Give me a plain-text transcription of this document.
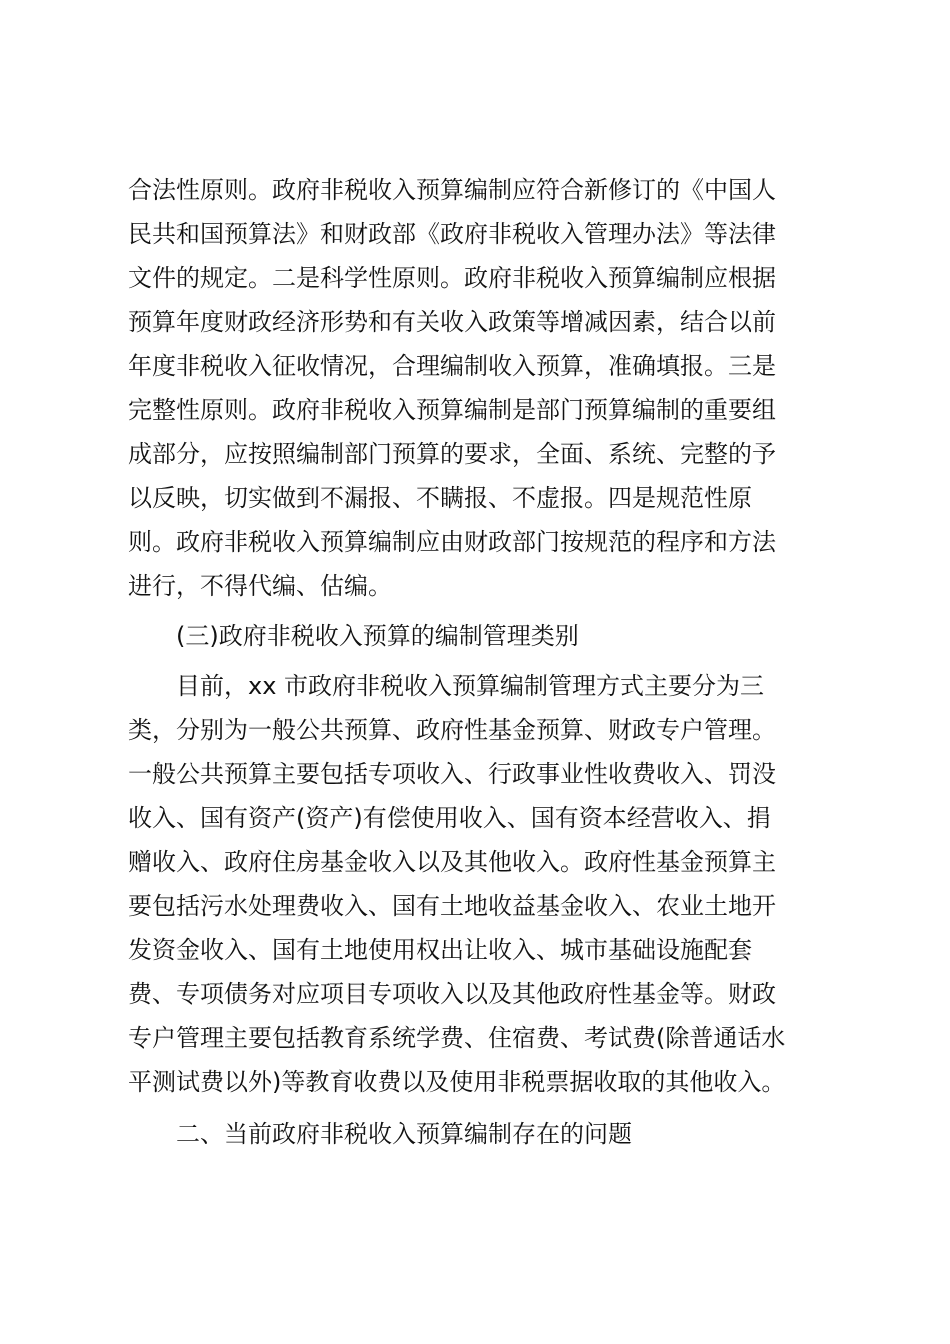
合法性原则。政府非税收入预算编制应符合新修订的《中国人
民共和国预算法》和财政部《政府非税收入管理办法》等法律
文件的规定。二是科学性原则。政府非税收入预算编制应根据
预算年度财政经济形势和有关收入政策等增减因素，结合以前
年度非税收入征收情况，合理编制收入预算，准确填报。三是
完整性原则。政府非税收入预算编制是部门预算编制的重要组
成部分，应按照编制部门预算的要求，全面、系统、完整的予
以反映，切实做到不漏报、不瞒报、不虚报。四是规范性原
则。政府非税收入预算编制应由财政部门按规范的程序和方法
进行，不得代编、估编。
(三)政府非税收入预算的编制管理类别
目前，xx 市政府非税收入预算编制管理方式主要分为三
类，分别为一般公共预算、政府性基金预算、财政专户管理。
一般公共预算主要包括专项收入、行政事业性收费收入、罚没
收入、国有资产(资产)有偿使用收入、国有资本经营收入、捐
赠收入、政府住房基金收入以及其他收入。政府性基金预算主
要包括污水处理费收入、国有土地收益基金收入、农业土地开
发资金收入、国有土地使用权出让收入、城市基础设施配套
费、专项债务对应项目专项收入以及其他政府性基金等。财政
专户管理主要包括教育系统学费、住宿费、考试费(除普通话水
平测试费以外)等教育收费以及使用非税票据收取的其他收入。
二、当前政府非税收入预算编制存在的问题
